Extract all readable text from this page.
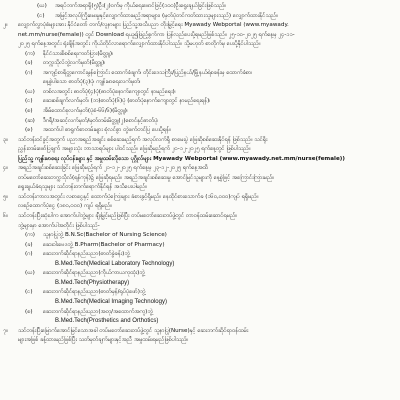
(ဃ) အရပ်ဘက်အရာရှိ(၅)ဦး(၂)ဝက်မှ ကိုယ်ရေးဖောင်ဖြင့်(၁၀၀)ဦးရွေးချယ်ခြင်းဖြစ်သည်။
(င) အမြင့်အလုပ်ကြိုးမေးမှုနှင့်လျှောက်ထားမည့်အရာများ၊ (မှတ်ပုံတင်ကတ်ထားသူများသည်) လျှောက်ထားနိုင်သည်။
၂။ လျှောက်လွှာပုံစံများအား နိုင်ငံတော် တက်/လူနာများ ပြည်သူ့အသိပညာ တိုးမြှင့်ရေး Myawady Webportal (www.myawady.
net.mm/nurse(female)) တွင် Download ရယူ၍ဖြည့်စွက်ကာ ပြန်လည်ပေးပို့ရမည်ဖြစ်သည်။ ၂၅-၁၀-၂၀၂၅ ရက်နေ့မှ ၂၄-၁၁-
၂၀၂၅ ရက်နေ့အတွင်း ရုံးချိန်အတွင်း ကိုယ်တိုင်လာရောက်လျှောက်ထားနိုင်ပါသည်။ သို့မဟုတ် စာတိုက်မှ ပေးပို့နိုင်ပါသည်။
(က) နိုင်ငံသားစိစစ်ရေးကတ်ပြား(မိတ္တူ)၊
(ခ) တက္ကသိုလ်ဘွဲ့လက်မှတ်(မိတ္တူ)၊
(ဂ) အကျင့်စာရိတ္တကောင်းမွန်ကြောင်း ထောက်ခံချက်၊ တိုင်းဒေသကြီး/ပြည်နယ်/မြို့နယ်ရဲစခန်းမှ ထောက်ခံစာ၊
နေ့စွဲပါသော ဓာတ်ပုံ(၃)ပုံ၊ ကျန်းမာရေးလက်မှတ်၊
(ဃ) တစ်လအတွင်း ဓာတ်ပုံ(၄)ပုံ(ဓာတ်ပုံနောက်ကျောတွင် နာမည်ရေး)၊
(င) ဆေးစစ်ချက်လက်မှတ်၊ (ဘ)ဓာတ်ပုံ(၆)ပုံ (ဓာတ်ပုံနောက်ကျောတွင် နာမည်ရေးရန်)၊
(စ) အိမ်ထောင်စုလက်မှတ်(ပုံစံ-၆၆/၆)(မိတ္တူ)၊
(ဆ) ဒီဂရီ/အဆင့်လက်မှတ်/မှတ်တမ်းမိတ္တူ(၂)စောင်နှင့်ဓာတ်ပုံ၊
(ဇ) အထက်ပါ စာရွက်စာတမ်းများ စုံလင်စွာ တွဲဖက်တင်ပြ ပေးပို့ရန်။
၃။ သင်တန်းဝင်ခွင့်အတွက် ပညာအရည်အချင်း စစ်ဆေးမည့်ရက် အလုပ်လက်ရှိ စာမေးပွဲ ဖြေဆိုစစ်ဆေးနိုင်ရန် ဖြစ်သည်။ သင်ရိုး
ညွှန်းတမ်းဖော်ပြချက် အများသုံး ဘာသာရပ်များ ပါဝင်သည်။ ဖြေဆိုမည့်ရက် ၂၀-၁၂-၂၀၂၅ ရက်နေ့တွင် ဖြစ်ပါသည်။
ပြည်သူ့ ကျန်းမာရေး လုပ်ငန်းများ နှင့် အမှုထမ်းလိုသော ပုဂ္ဂိုလ်များ Myawady Webportal (www.myawady.net.mm/nurse(female))
၄။ အရည်အချင်းစစ်ဆေးခြင်း ဖြေဆိုမည့်ရက် ၂၁-၁၂-၂၀၂၅ ရက်နေ့မှ ၂၃-၁၂-၂၀၂၅ ရက်နေ့အထိ
တပ်မတော်ဆေးတက္ကသိုလ်(ရန်ကုန်)၌ ဖြေဆိုရမည်။ အရည်အချင်းစစ်ဆေးမှု အောင်မြင်သူများကို နေ့စွဲဖြင့် အကြောင်းကြားမည်။
ရွေးချယ်ခံရသူများ သင်တန်းတက်ရောက်နိုင်ရန် အသိပေးပါမည်။
၅။ သင်တန်းကာလအတွင်း လစာငွေနှင့် ထောက်ပံ့ကြေးများ ခံစားခွင့်ရှိမည်။ နေထိုင်စားသောက်ခ (၁၆၀,၀၀၀)ကျပ် ရရှိမည်။
လစဉ်ထောက်ပံ့ငွေ (၁၈၀,၀၀၀) ကျပ် ရရှိမည်။
၆။ သင်တန်းပြီးဆုံးပါက အောက်ပါဘွဲ့များ ချီးမြှင့်မည်ဖြစ်ပြီး တပ်မတော်ဆေးတပ်ဖွဲ့တွင် တာဝန်ထမ်းဆောင်ရမည်။
ဘွဲ့များမှာ အောက်ပါအတိုင်း ဖြစ်ပါသည်-
(က) သူနာပြုဘွဲ့ B.N.Sc(Bachelor of Nursing Science)
(ခ) ဆေးဝါးဗေဒဘွဲ့ B.Pharm(Bachelor of Pharmacy)
(ဂ) ဆေးဘက်ဆိုင်ရာနည်းပညာ(ဓာတ်ခွဲခန်း)ဘွဲ့
B.Med.Tech(Medical Laboratory Technology)
(ဃ) ဆေးဘက်ဆိုင်ရာနည်းပညာ(ကိုယ်ကာယကုထုံး)ဘွဲ့
B.Med.Tech(Physiotherapy)
(င) ဆေးဘက်ဆိုင်ရာနည်းပညာ(ဓာတ်မှန်/ရုပ်ပုံဖော်)ဘွဲ့
B.Med.Tech(Medical Imaging Technology)
(စ) ဆေးဘက်ဆိုင်ရာနည်းပညာ(အတု/အထောက်အကူ)ဘွဲ့
B.Med.Tech(Prosthetics and Orthotics)
၇။ သင်တန်းပြီးမြောက်အောင်မြင်သောအခါ တပ်မတော်ဆေးတပ်ဖွဲ့တွင် သူနာပြု(Nurse)နှင့် ဆေးဘက်ဆိုင်ရာဝန်ထမ်း
များအဖြစ် ခန့်ထားမည်ဖြစ်ပြီး သတ်မှတ်ချက်များနှင့်အညီ အမှုထမ်းရမည်ဖြစ်ပါသည်။
